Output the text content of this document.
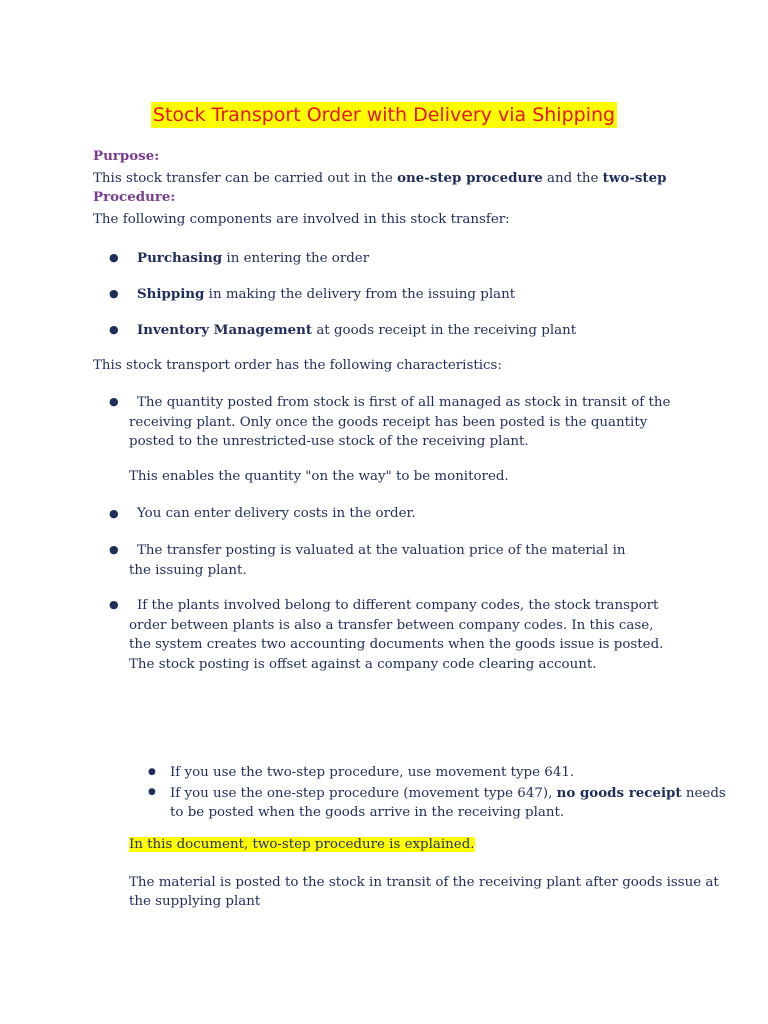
Stock Transport Order with Delivery via Shipping
Purpose:
This stock transfer can be carried out in the one-step procedure and the two-step
Procedure:
The following components are involved in this stock transfer:
● Purchasing in entering the order
● Shipping in making the delivery from the issuing plant
● Inventory Management at goods receipt in the receiving plant
This stock transport order has the following characteristics:
●	The quantity posted from stock is first of all managed as stock in transit of the receiving plant. Only once the goods receipt has been posted is the quantity posted to the unrestricted-use stock of the receiving plant.
This enables the quantity "on the way" to be monitored.
● You can enter delivery costs in the order.
●	The transfer posting is valuated at the valuation price of the material in the issuing plant.
●	If the plants involved belong to different company codes, the stock transport order between plants is also a transfer between company codes. In this case, the system creates two accounting documents when the goods issue is posted. The stock posting is offset against a company code clearing account.
● If you use the two-step procedure, use movement type 641.
● If you use the one-step procedure (movement type 647), no goods receipt needs
to be posted when the goods arrive in the receiving plant.
In this document, two-step procedure is explained.
The material is posted to the stock in transit of the receiving plant after goods issue at
the supplying plant
